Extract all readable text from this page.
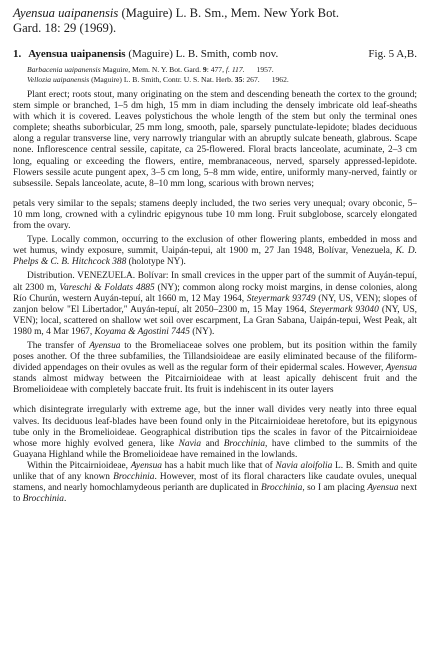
Ayensua uaipanensis (Maguire) L. B. Sm., Mem. New York Bot.
Gard. 18: 29 (1969).
1. Ayensua uaipanensis (Maguire) L. B. Smith, comb nov.	Fig. 5 A,B.
Barbacenia uaipanensis Maguire, Mem. N. Y. Bot. Gard. 9: 477, f. 117. 1957.
Vellozia uaipanensis (Maguire) L. B. Smith, Contr. U. S. Nat. Herb. 35: 267. 1962.

Plant erect; roots stout, many originating on the stem and descending beneath the cortex to the ground; stem simple or branched, 1–5 dm high, 15 mm in diam including the densely imbricate old leaf-sheaths with which it is covered. Leaves polystichous the whole length of the stem but only the terminal ones complete; sheaths suborbicular, 25 mm long, smooth, pale, sparsely punctulate-lepidote; blades deciduous along a regular transverse line, very narrowly triangular with an abruptly sulcate beneath, glabrous. Scape none. Inflorescence central sessile, capitate, ca 25-flowered. Floral bracts lanceolate, acuminate, 2–3 cm long, equaling or exceeding the flowers, entire, membranaceous, nerved, sparsely appressed-lepidote. Flowers sessile acute pungent apex, 3–5 cm long, 5–8 mm wide, entire, uniformly many-nerved, faintly or subsessile. Sepals lanceolate, acute, 8–10 mm long, scarious with brown nerves;

petals very similar to the sepals; stamens deeply included, the two series very unequal; ovary obconic, 5–10 mm long, crowned with a cylindric epigynous tube 10 mm long. Fruit subglobose, scarcely elongated from the ovary.

Type. Locally common, occurring to the exclusion of other flowering plants, embedded in moss and wet humus, windy exposure, summit, Uaipán-tepui, alt 1900 m, 27 Jan 1948, Bolívar, Venezuela, K. D. Phelps & C. B. Hitchcock 388 (holotype NY).

Distribution. VENEZUELA. Bolívar: In small crevices in the upper part of the summit of Auyán-tepuí, alt 2300 m, Vareschi & Foldats 4885 (NY); common along rocky moist margins, in dense colonies, along Río Churún, western Auyán-tepuí, alt 1660 m, 12 May 1964, Steyermark 93749 (NY, US, VEN); slopes of zanjon below "El Libertador," Auyán-tepuí, alt 2050–2300 m, 15 May 1964, Steyermark 93040 (NY, US, VEN); local, scattered on shallow wet soil over escarpment, La Gran Sabana, Uaipán-tepui, West Peak, alt 1980 m, 4 Mar 1967, Koyama & Agostini 7445 (NY).

The transfer of Ayensua to the Bromeliaceae solves one problem, but its position within the family poses another. Of the three subfamilies, the Tillandsioideae are easily eliminated because of the filiform-divided appendages on their ovules as well as the regular form of their epidermal scales. However, Ayensua stands almost midway between the Pitcairnioideae with at least apically dehiscent fruit and the Bromelioideae with completely baccate fruit. Its fruit is indehiscent in its outer layers

which disintegrate irregularly with extreme age, but the inner wall divides very neatly into three equal valves. Its deciduous leaf-blades have been found only in the Pitcairnioideae heretofore, but its epigynous tube only in the Bromelioideae. Geographical distribution tips the scales in favor of the Pitcairnioideae whose more highly evolved genera, like Navia and Brocchinia, have climbed to the summits of the Guayana Highland while the Bromelioideae have remained in the lowlands.

Within the Pitcairnioideae, Ayensua has a habit much like that of Navia aloifolia L. B. Smith and quite unlike that of any known Brocchinia. However, most of its floral characters like caudate ovules, unequal stamens, and nearly homochlamydeous perianth are duplicated in Brocchinia, so I am placing Ayensua next to Brocchinia.
